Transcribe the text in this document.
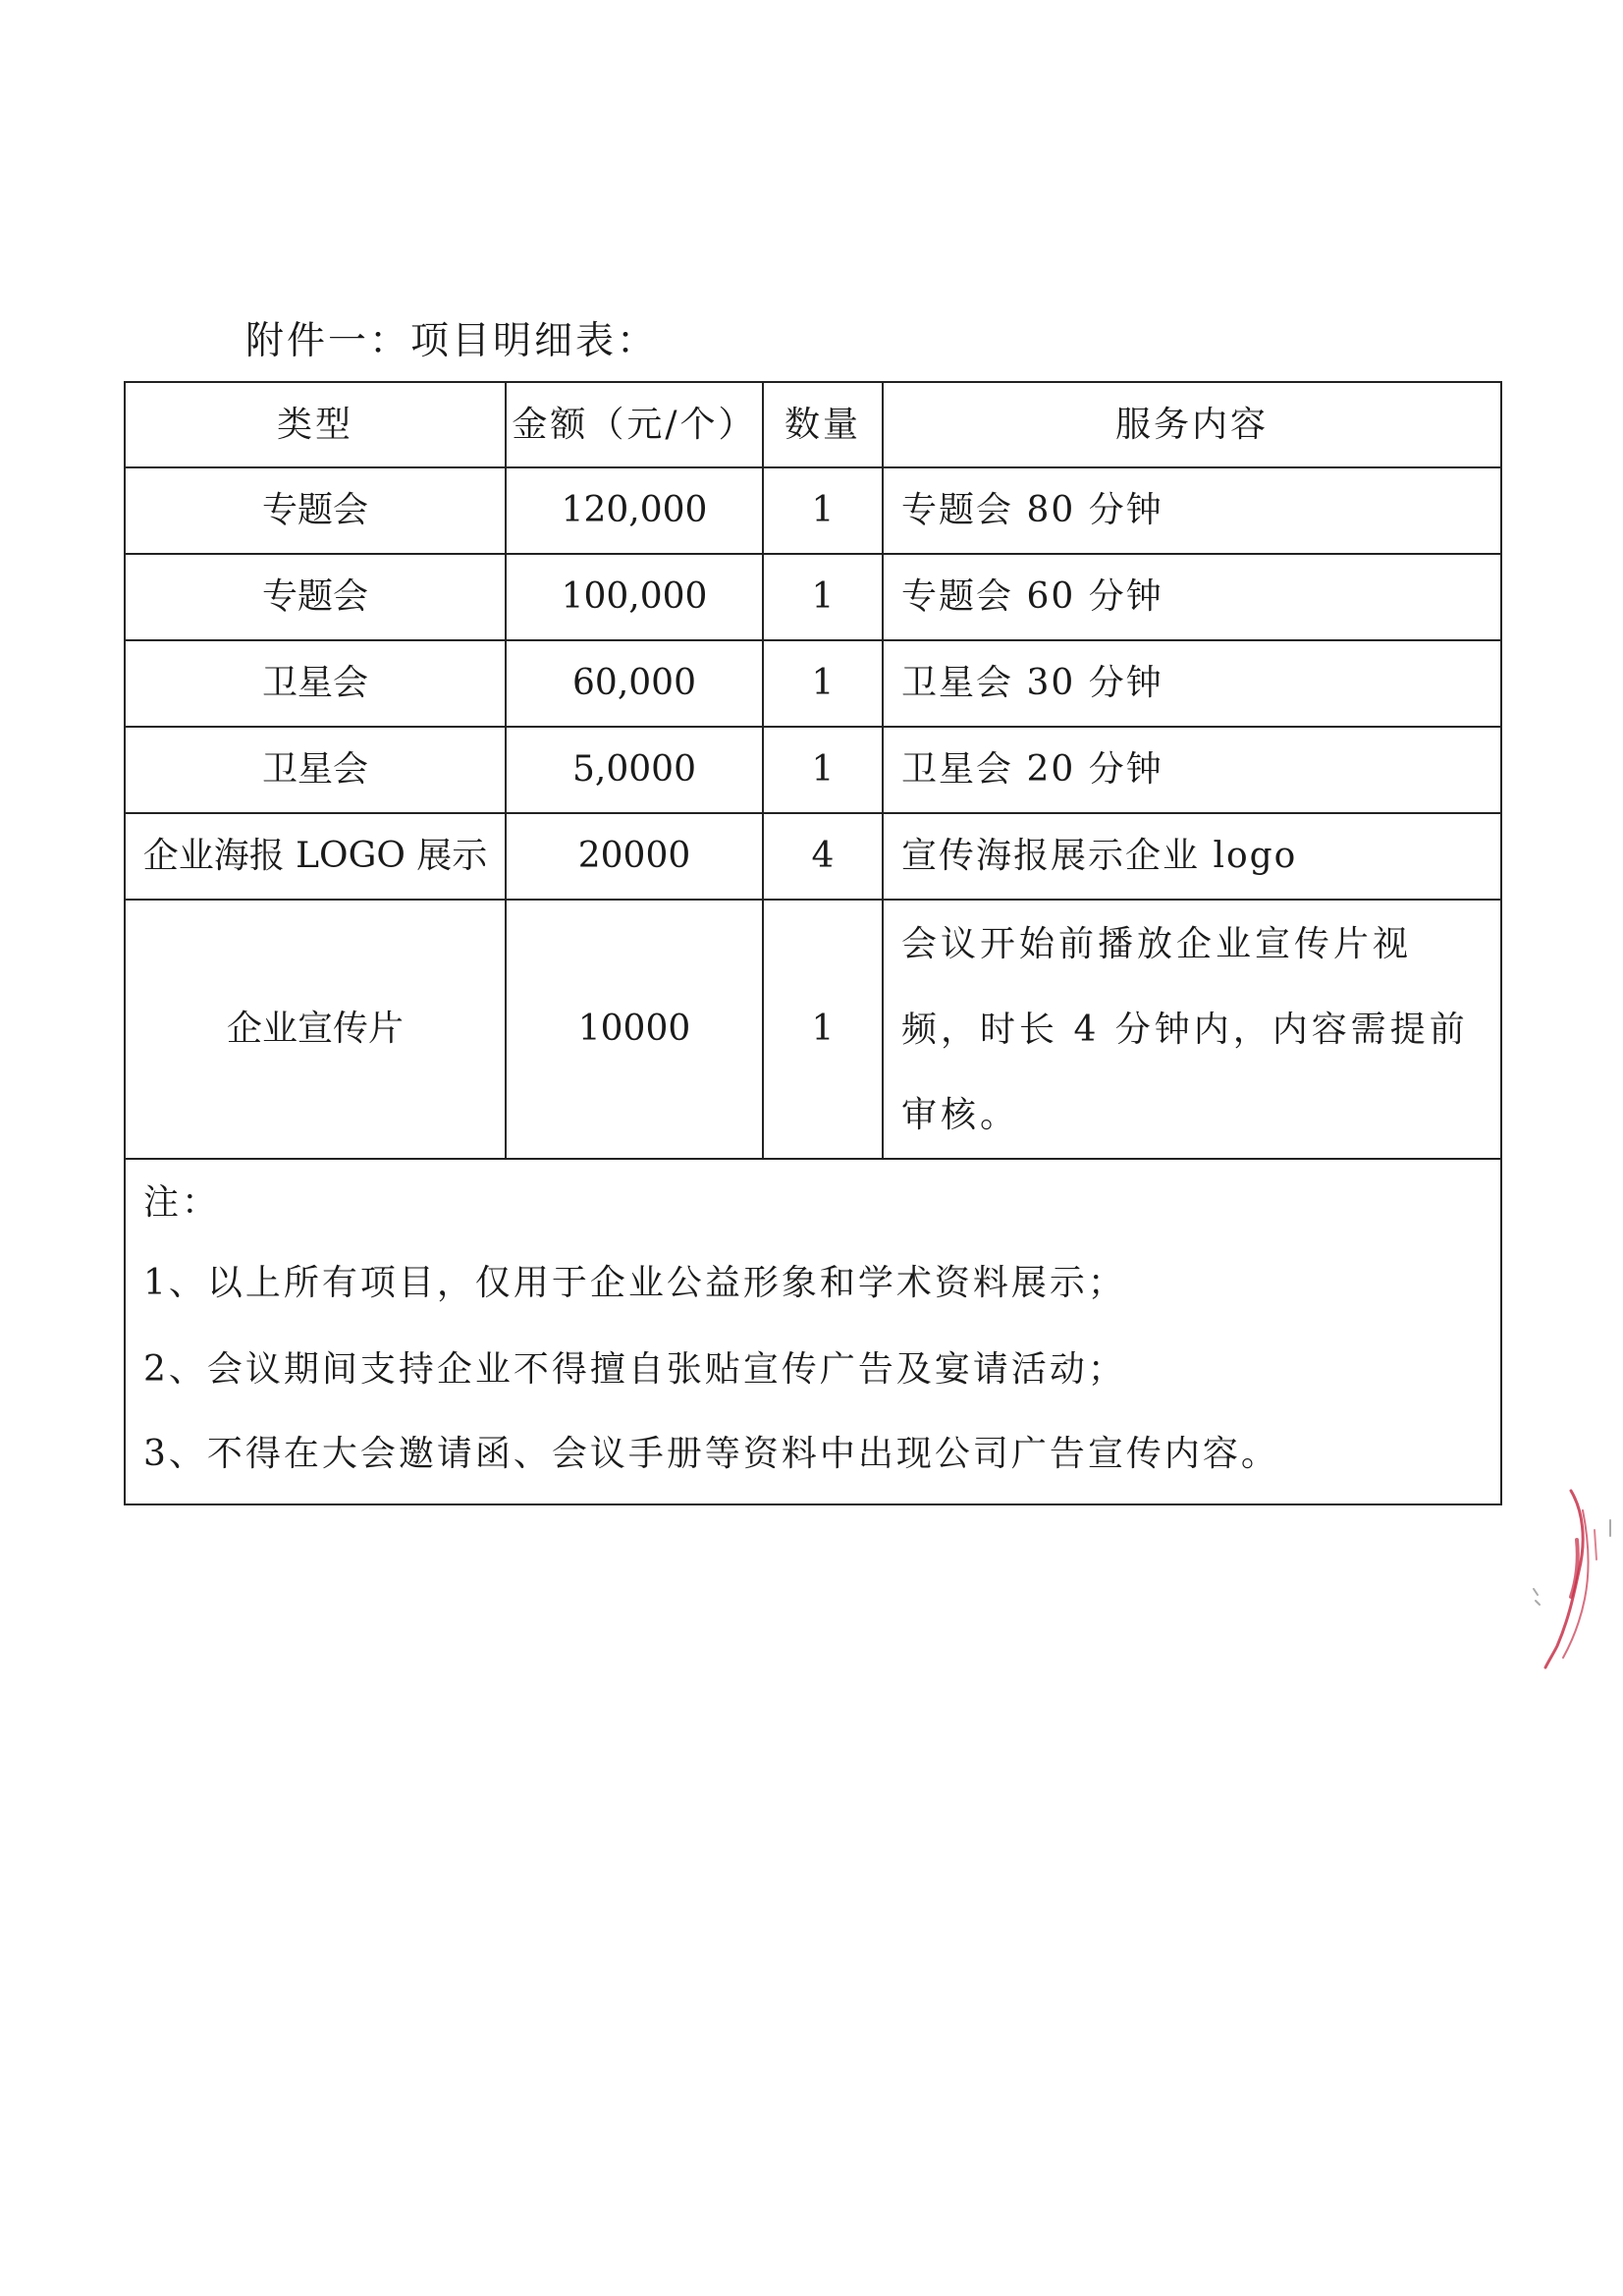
附件一：项目明细表：
类型	金额（元/个）	数量	服务内容
专题会	120,000	1	专题会 80 分钟
专题会	100,000	1	专题会 60 分钟
卫星会	60,000	1	卫星会 30 分钟
卫星会	5,0000	1	卫星会 20 分钟
企业海报 LOGO 展示	20000	4	宣传海报展示企业 logo
企业宣传片	10000	1	会议开始前播放企业宣传片视频，时长 4 分钟内，内容需提前审核。

注：
1、以上所有项目，仅用于企业公益形象和学术资料展示；
2、会议期间支持企业不得擅自张贴宣传广告及宴请活动；
3、不得在大会邀请函、会议手册等资料中出现公司广告宣传内容。			
